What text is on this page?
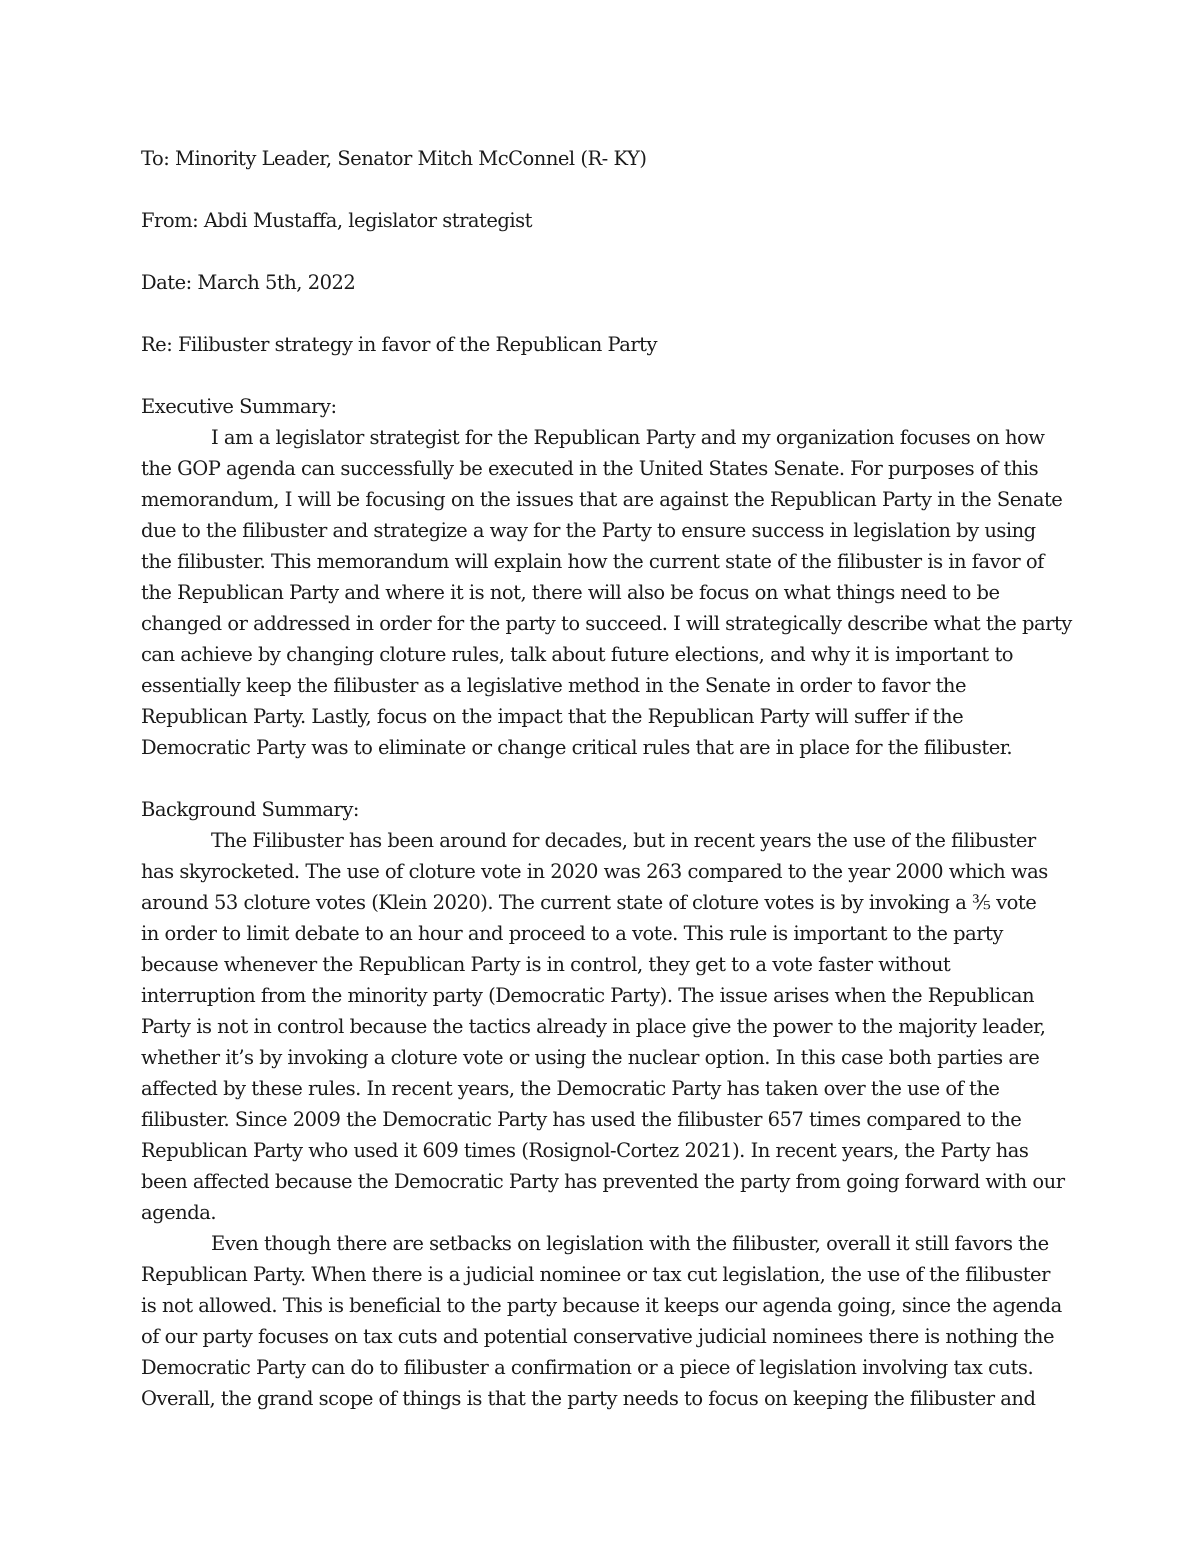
To: Minority Leader, Senator Mitch McConnel (R- KY)

From: Abdi Mustaffa, legislator strategist

Date: March 5th, 2022

Re: Filibuster strategy in favor of the Republican Party

Executive Summary:

I am a legislator strategist for the Republican Party and my organization focuses on how
the GOP agenda can successfully be executed in the United States Senate. For purposes of this
memorandum, I will be focusing on the issues that are against the Republican Party in the Senate
due to the filibuster and strategize a way for the Party to ensure success in legislation by using
the filibuster. This memorandum will explain how the current state of the filibuster is in favor of
the Republican Party and where it is not, there will also be focus on what things need to be
changed or addressed in order for the party to succeed. I will strategically describe what the party
can achieve by changing cloture rules, talk about future elections, and why it is important to
essentially keep the filibuster as a legislative method in the Senate in order to favor the
Republican Party. Lastly, focus on the impact that the Republican Party will suffer if the
Democratic Party was to eliminate or change critical rules that are in place for the filibuster.

Background Summary:

The Filibuster has been around for decades, but in recent years the use of the filibuster
has skyrocketed. The use of cloture vote in 2020 was 263 compared to the year 2000 which was
around 53 cloture votes (Klein 2020). The current state of cloture votes is by invoking a ⅗ vote
in order to limit debate to an hour and proceed to a vote. This rule is important to the party
because whenever the Republican Party is in control, they get to a vote faster without
interruption from the minority party (Democratic Party). The issue arises when the Republican
Party is not in control because the tactics already in place give the power to the majority leader,
whether it’s by invoking a cloture vote or using the nuclear option. In this case both parties are
affected by these rules. In recent years, the Democratic Party has taken over the use of the
filibuster. Since 2009 the Democratic Party has used the filibuster 657 times compared to the
Republican Party who used it 609 times (Rosignol-Cortez 2021). In recent years, the Party has
been affected because the Democratic Party has prevented the party from going forward with our
agenda.
Even though there are setbacks on legislation with the filibuster, overall it still favors the
Republican Party. When there is a judicial nominee or tax cut legislation, the use of the filibuster
is not allowed. This is beneficial to the party because it keeps our agenda going, since the agenda
of our party focuses on tax cuts and potential conservative judicial nominees there is nothing the
Democratic Party can do to filibuster a confirmation or a piece of legislation involving tax cuts.
Overall, the grand scope of things is that the party needs to focus on keeping the filibuster and
